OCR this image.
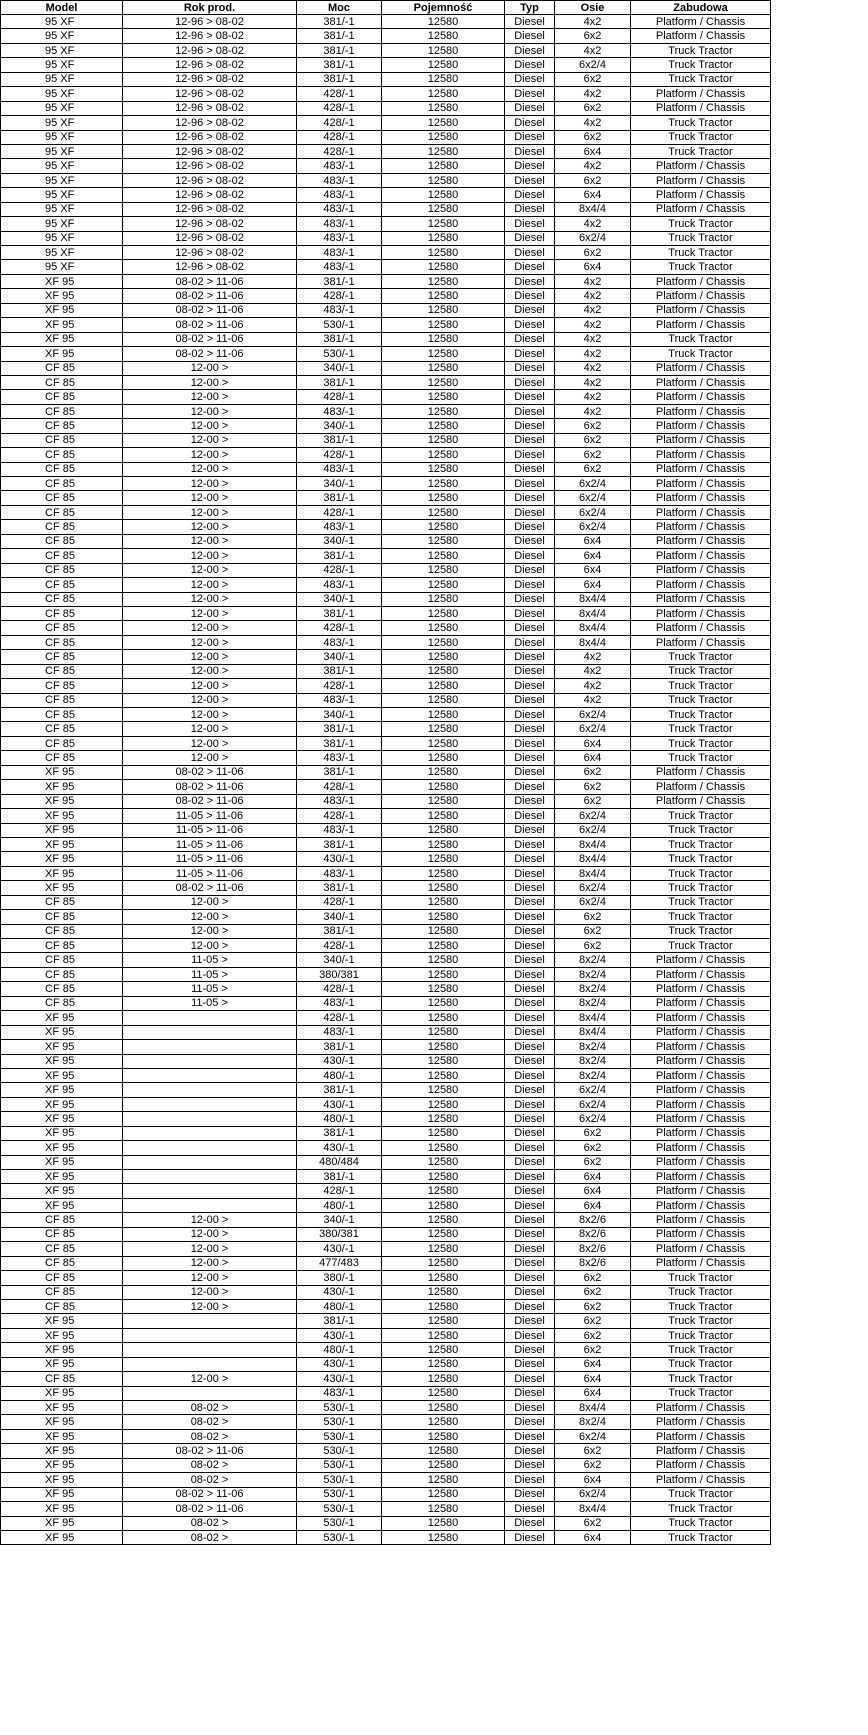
Model	Rok prod.	Moc	Pojemność	Typ	Osie	Zabudowa
95 XF	12-96 > 08-02	381/-1	12580	Diesel	4x2	Platform / Chassis
95 XF	12-96 > 08-02	381/-1	12580	Diesel	6x2	Platform / Chassis
95 XF	12-96 > 08-02	381/-1	12580	Diesel	4x2	Truck Tractor
95 XF	12-96 > 08-02	381/-1	12580	Diesel	6x2/4	Truck Tractor
95 XF	12-96 > 08-02	381/-1	12580	Diesel	6x2	Truck Tractor
95 XF	12-96 > 08-02	428/-1	12580	Diesel	4x2	Platform / Chassis
95 XF	12-96 > 08-02	428/-1	12580	Diesel	6x2	Platform / Chassis
95 XF	12-96 > 08-02	428/-1	12580	Diesel	4x2	Truck Tractor
95 XF	12-96 > 08-02	428/-1	12580	Diesel	6x2	Truck Tractor
95 XF	12-96 > 08-02	428/-1	12580	Diesel	6x4	Truck Tractor
95 XF	12-96 > 08-02	483/-1	12580	Diesel	4x2	Platform / Chassis
95 XF	12-96 > 08-02	483/-1	12580	Diesel	6x2	Platform / Chassis
95 XF	12-96 > 08-02	483/-1	12580	Diesel	6x4	Platform / Chassis
95 XF	12-96 > 08-02	483/-1	12580	Diesel	8x4/4	Platform / Chassis
95 XF	12-96 > 08-02	483/-1	12580	Diesel	4x2	Truck Tractor
95 XF	12-96 > 08-02	483/-1	12580	Diesel	6x2/4	Truck Tractor
95 XF	12-96 > 08-02	483/-1	12580	Diesel	6x2	Truck Tractor
95 XF	12-96 > 08-02	483/-1	12580	Diesel	6x4	Truck Tractor
XF 95	08-02 > 11-06	381/-1	12580	Diesel	4x2	Platform / Chassis
XF 95	08-02 > 11-06	428/-1	12580	Diesel	4x2	Platform / Chassis
XF 95	08-02 > 11-06	483/-1	12580	Diesel	4x2	Platform / Chassis
XF 95	08-02 > 11-06	530/-1	12580	Diesel	4x2	Platform / Chassis
XF 95	08-02 > 11-06	381/-1	12580	Diesel	4x2	Truck Tractor
XF 95	08-02 > 11-06	530/-1	12580	Diesel	4x2	Truck Tractor
CF 85	12-00 >	340/-1	12580	Diesel	4x2	Platform / Chassis
CF 85	12-00 >	381/-1	12580	Diesel	4x2	Platform / Chassis
CF 85	12-00 >	428/-1	12580	Diesel	4x2	Platform / Chassis
CF 85	12-00 >	483/-1	12580	Diesel	4x2	Platform / Chassis
CF 85	12-00 >	340/-1	12580	Diesel	6x2	Platform / Chassis
CF 85	12-00 >	381/-1	12580	Diesel	6x2	Platform / Chassis
CF 85	12-00 >	428/-1	12580	Diesel	6x2	Platform / Chassis
CF 85	12-00 >	483/-1	12580	Diesel	6x2	Platform / Chassis
CF 85	12-00 >	340/-1	12580	Diesel	6x2/4	Platform / Chassis
CF 85	12-00 >	381/-1	12580	Diesel	6x2/4	Platform / Chassis
CF 85	12-00 >	428/-1	12580	Diesel	6x2/4	Platform / Chassis
CF 85	12-00 >	483/-1	12580	Diesel	6x2/4	Platform / Chassis
CF 85	12-00 >	340/-1	12580	Diesel	6x4	Platform / Chassis
CF 85	12-00 >	381/-1	12580	Diesel	6x4	Platform / Chassis
CF 85	12-00 >	428/-1	12580	Diesel	6x4	Platform / Chassis
CF 85	12-00 >	483/-1	12580	Diesel	6x4	Platform / Chassis
CF 85	12-00 >	340/-1	12580	Diesel	8x4/4	Platform / Chassis
CF 85	12-00 >	381/-1	12580	Diesel	8x4/4	Platform / Chassis
CF 85	12-00 >	428/-1	12580	Diesel	8x4/4	Platform / Chassis
CF 85	12-00 >	483/-1	12580	Diesel	8x4/4	Platform / Chassis
CF 85	12-00 >	340/-1	12580	Diesel	4x2	Truck Tractor
CF 85	12-00 >	381/-1	12580	Diesel	4x2	Truck Tractor
CF 85	12-00 >	428/-1	12580	Diesel	4x2	Truck Tractor
CF 85	12-00 >	483/-1	12580	Diesel	4x2	Truck Tractor
CF 85	12-00 >	340/-1	12580	Diesel	6x2/4	Truck Tractor
CF 85	12-00 >	381/-1	12580	Diesel	6x2/4	Truck Tractor
CF 85	12-00 >	381/-1	12580	Diesel	6x4	Truck Tractor
CF 85	12-00 >	483/-1	12580	Diesel	6x4	Truck Tractor
XF 95	08-02 > 11-06	381/-1	12580	Diesel	6x2	Platform / Chassis
XF 95	08-02 > 11-06	428/-1	12580	Diesel	6x2	Platform / Chassis
XF 95	08-02 > 11-06	483/-1	12580	Diesel	6x2	Platform / Chassis
XF 95	11-05 > 11-06	428/-1	12580	Diesel	6x2/4	Truck Tractor
XF 95	11-05 > 11-06	483/-1	12580	Diesel	6x2/4	Truck Tractor
XF 95	11-05 > 11-06	381/-1	12580	Diesel	8x4/4	Truck Tractor
XF 95	11-05 > 11-06	430/-1	12580	Diesel	8x4/4	Truck Tractor
XF 95	11-05 > 11-06	483/-1	12580	Diesel	8x4/4	Truck Tractor
XF 95	08-02 > 11-06	381/-1	12580	Diesel	6x2/4	Truck Tractor
CF 85	12-00 >	428/-1	12580	Diesel	6x2/4	Truck Tractor
CF 85	12-00 >	340/-1	12580	Diesel	6x2	Truck Tractor
CF 85	12-00 >	381/-1	12580	Diesel	6x2	Truck Tractor
CF 85	12-00 >	428/-1	12580	Diesel	6x2	Truck Tractor
CF 85	11-05 >	340/-1	12580	Diesel	8x2/4	Platform / Chassis
CF 85	11-05 >	380/381	12580	Diesel	8x2/4	Platform / Chassis
CF 85	11-05 >	428/-1	12580	Diesel	8x2/4	Platform / Chassis
CF 85	11-05 >	483/-1	12580	Diesel	8x2/4	Platform / Chassis
XF 95		428/-1	12580	Diesel	8x4/4	Platform / Chassis
XF 95		483/-1	12580	Diesel	8x4/4	Platform / Chassis
XF 95		381/-1	12580	Diesel	8x2/4	Platform / Chassis
XF 95		430/-1	12580	Diesel	8x2/4	Platform / Chassis
XF 95		480/-1	12580	Diesel	8x2/4	Platform / Chassis
XF 95		381/-1	12580	Diesel	6x2/4	Platform / Chassis
XF 95		430/-1	12580	Diesel	6x2/4	Platform / Chassis
XF 95		480/-1	12580	Diesel	6x2/4	Platform / Chassis
XF 95		381/-1	12580	Diesel	6x2	Platform / Chassis
XF 95		430/-1	12580	Diesel	6x2	Platform / Chassis
XF 95		480/484	12580	Diesel	6x2	Platform / Chassis
XF 95		381/-1	12580	Diesel	6x4	Platform / Chassis
XF 95		428/-1	12580	Diesel	6x4	Platform / Chassis
XF 95		480/-1	12580	Diesel	6x4	Platform / Chassis
CF 85	12-00 >	340/-1	12580	Diesel	8x2/6	Platform / Chassis
CF 85	12-00 >	380/381	12580	Diesel	8x2/6	Platform / Chassis
CF 85	12-00 >	430/-1	12580	Diesel	8x2/6	Platform / Chassis
CF 85	12-00 >	477/483	12580	Diesel	8x2/6	Platform / Chassis
CF 85	12-00 >	380/-1	12580	Diesel	6x2	Truck Tractor
CF 85	12-00 >	430/-1	12580	Diesel	6x2	Truck Tractor
CF 85	12-00 >	480/-1	12580	Diesel	6x2	Truck Tractor
XF 95		381/-1	12580	Diesel	6x2	Truck Tractor
XF 95		430/-1	12580	Diesel	6x2	Truck Tractor
XF 95		480/-1	12580	Diesel	6x2	Truck Tractor
XF 95		430/-1	12580	Diesel	6x4	Truck Tractor
CF 85	12-00 >	430/-1	12580	Diesel	6x4	Truck Tractor
XF 95		483/-1	12580	Diesel	6x4	Truck Tractor
XF 95	08-02 >	530/-1	12580	Diesel	8x4/4	Platform / Chassis
XF 95	08-02 >	530/-1	12580	Diesel	8x2/4	Platform / Chassis
XF 95	08-02 >	530/-1	12580	Diesel	6x2/4	Platform / Chassis
XF 95	08-02 > 11-06	530/-1	12580	Diesel	6x2	Platform / Chassis
XF 95	08-02 >	530/-1	12580	Diesel	6x2	Platform / Chassis
XF 95	08-02 >	530/-1	12580	Diesel	6x4	Platform / Chassis
XF 95	08-02 > 11-06	530/-1	12580	Diesel	6x2/4	Truck Tractor
XF 95	08-02 > 11-06	530/-1	12580	Diesel	8x4/4	Truck Tractor
XF 95	08-02 >	530/-1	12580	Diesel	6x2	Truck Tractor
XF 95	08-02 >	530/-1	12580	Diesel	6x4	Truck Tractor
